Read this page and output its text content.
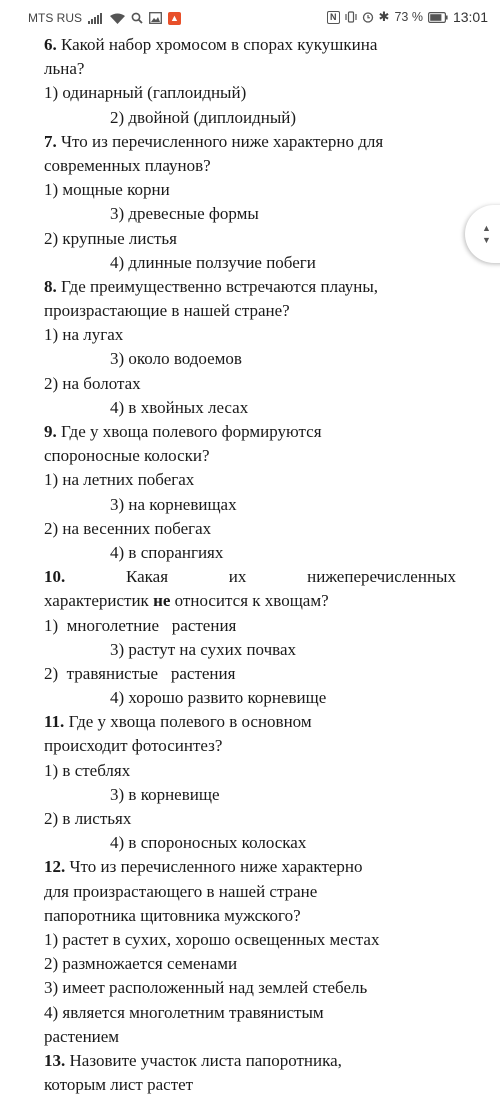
MTS RUS	▲	N	✱ 73 % 13:01
6. Какой набор хромосом в спорах кукушкина
льна?
1) одинарный (гаплоидный)
2) двойной (диплоидный)
7. Что из перечисленного ниже характерно для
современных плаунов?
1) мощные корни
3) древесные формы
2) крупные листья
4) длинные ползучие побеги
8. Где преимущественно встречаются плауны,
произрастающие в нашей стране?
1) на лугах
3) около водоемов
2) на болотах
4) в хвойных лесах
9. Где у хвоща полевого формируются
спороносные колоски?
1) на летних побегах
3) на корневищах
2) на весенних побегах
4) в спорангиях
10.	Какая	их	нижеперечисленных
характеристик не относится к хвощам?
1)  многолетние   растения
3) растут на сухих почвах
2)  травянистые   растения
4) хорошо развито корневище
11. Где у хвоща полевого в основном
происходит фотосинтез?
1) в стеблях
3) в корневище
2) в листьях
4) в спороносных колосках
12. Что из перечисленного ниже характерно
для произрастающего в нашей стране
папоротника щитовника мужского?
1) растет в сухих, хорошо освещенных местах
2) размножается семенами
3) имеет расположенный над землей стебель
4) является многолетним травянистым
растением
13. Назовите участок листа папоротника,
которым лист растет
▲
▼
